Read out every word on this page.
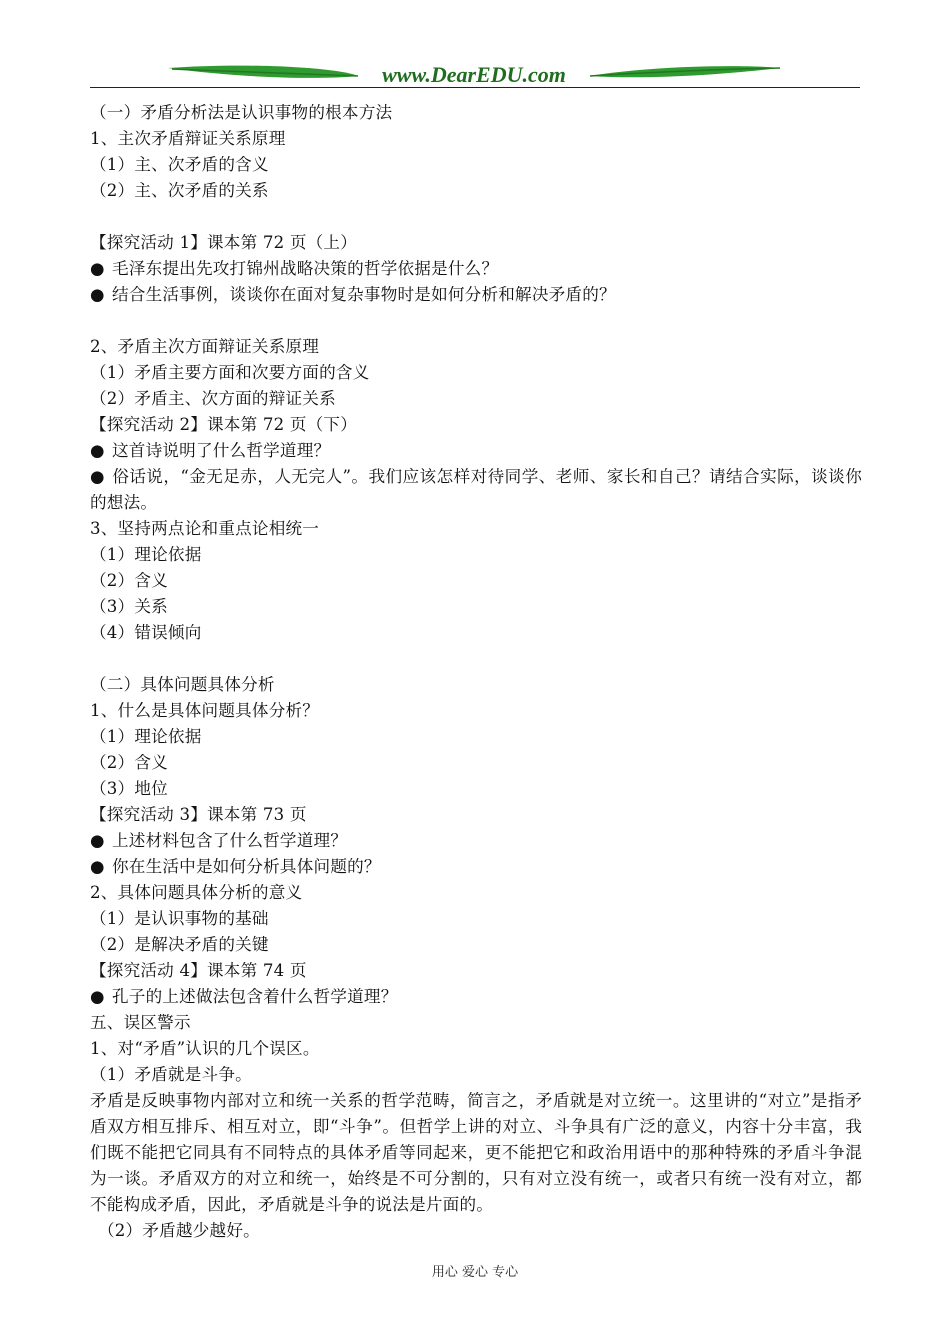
www.DearEDU.com
（一）矛盾分析法是认识事物的根本方法
1、主次矛盾辩证关系原理
（1）主、次矛盾的含义
（2）主、次矛盾的关系
【探究活动 1】课本第 72 页（上）
● 毛泽东提出先攻打锦州战略决策的哲学依据是什么？
● 结合生活事例，谈谈你在面对复杂事物时是如何分析和解决矛盾的？
2、矛盾主次方面辩证关系原理
（1）矛盾主要方面和次要方面的含义
（2）矛盾主、次方面的辩证关系
【探究活动 2】课本第 72 页（下）
● 这首诗说明了什么哲学道理？
● 俗话说，“金无足赤，人无完人”。我们应该怎样对待同学、老师、家长和自己？请结合实际，谈谈你的想法。
3、坚持两点论和重点论相统一
（1）理论依据
（2）含义
（3）关系
（4）错误倾向
（二）具体问题具体分析
1、什么是具体问题具体分析？
（1）理论依据
（2）含义
（3）地位
【探究活动 3】课本第 73 页
● 上述材料包含了什么哲学道理？
● 你在生活中是如何分析具体问题的？
2、具体问题具体分析的意义
（1）是认识事物的基础
（2）是解决矛盾的关键
【探究活动 4】课本第 74 页
● 孔子的上述做法包含着什么哲学道理？
五、误区警示
1、对“矛盾”认识的几个误区。
（1）矛盾就是斗争。
矛盾是反映事物内部对立和统一关系的哲学范畴，简言之，矛盾就是对立统一。这里讲的“对立”是指矛盾双方相互排斥、相互对立，即“斗争”。但哲学上讲的对立、斗争具有广泛的意义，内容十分丰富，我们既不能把它同具有不同特点的具体矛盾等同起来，更不能把它和政治用语中的那种特殊的矛盾斗争混为一谈。矛盾双方的对立和统一，始终是不可分割的，只有对立没有统一，或者只有统一没有对立，都不能构成矛盾，因此，矛盾就是斗争的说法是片面的。
（2）矛盾越少越好。
用心 爱心 专心
